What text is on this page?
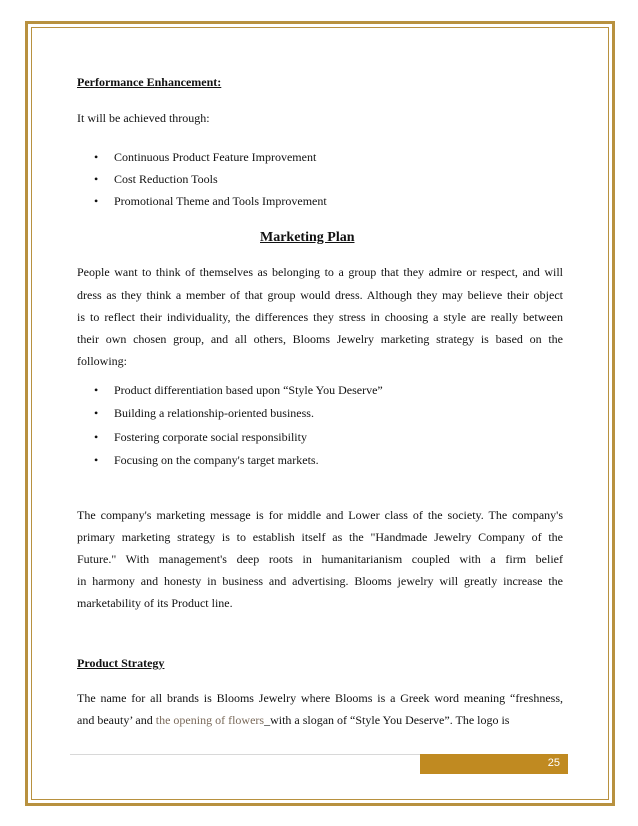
Performance Enhancement:
It will be achieved through:
• Continuous Product Feature Improvement
• Cost Reduction Tools
• Promotional Theme and Tools Improvement
Marketing Plan
People want to think of themselves as belonging to a group that they admire or respect, and will
dress as they think a member of that group would dress. Although they may believe their object
is to reflect their individuality, the differences they stress in choosing a style are really between
their own chosen group, and all others, Blooms Jewelry marketing strategy is based on the
following:
• Product differentiation based upon “Style You Deserve”
• Building a relationship-oriented business.
• Fostering corporate social responsibility
• Focusing on the company's target markets.
The company's marketing message is for middle and Lower class of the society. The company's
primary marketing strategy is to establish itself as the "Handmade Jewelry Company of the
Future." With management's deep roots in humanitarianism coupled with a firm belief
in harmony and honesty in business and advertising. Blooms jewelry will greatly increase the
marketability of its Product line.
Product Strategy
The name for all brands is Blooms Jewelry where Blooms is a Greek word meaning “freshness,
and beauty’ and the opening of flowers_with a slogan of “Style You Deserve”. The logo is
25
